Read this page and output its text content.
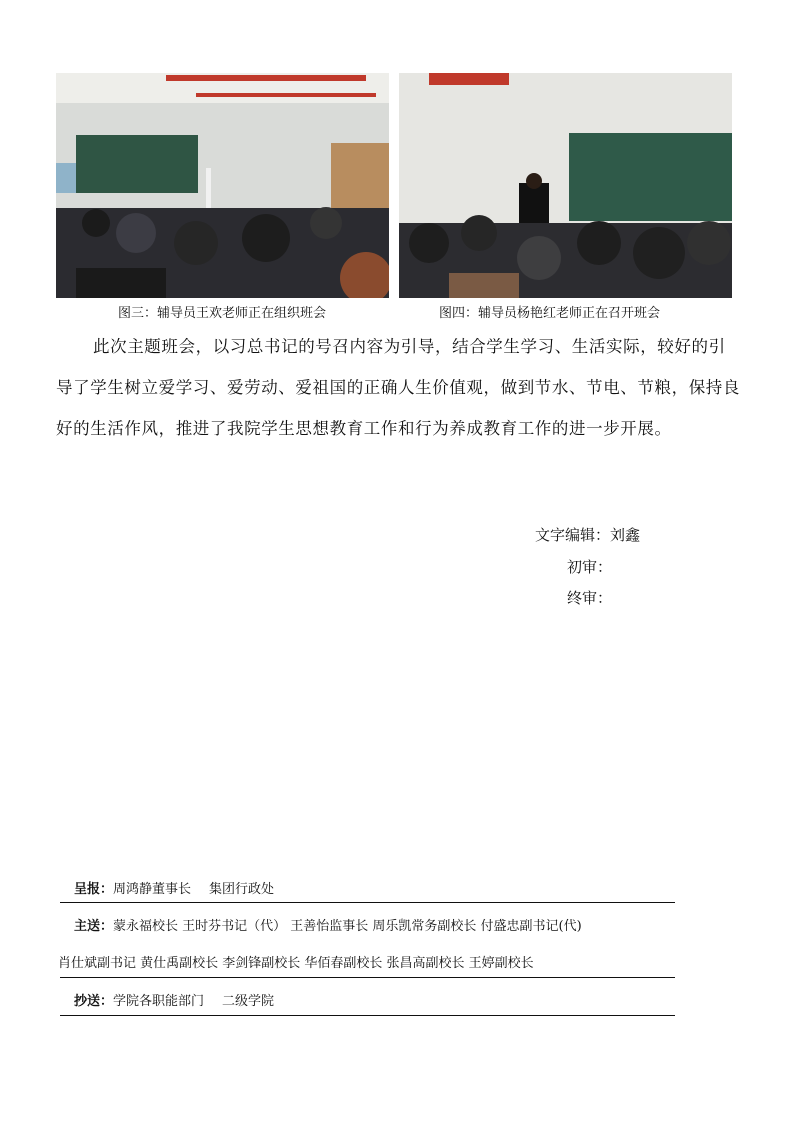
图三：辅导员王欢老师正在组织班会	图四：辅导员杨艳红老师正在召开班会

此次主题班会，以习总书记的号召内容为引导，结合学生学习、生活实际，较好的引导了学生树立爱学习、爱劳动、爱祖国的正确人生价值观，做到节水、节电、节粮，保持良好的生活作风，推进了我院学生思想教育工作和行为养成教育工作的进一步开展。

文字编辑：刘鑫
初审：
终审：
呈报：周鸿静董事长 集团行政处
主送：蒙永福校长 王时芬书记（代） 王善怡监事长 周乐凯常务副校长 付盛忠副书记(代)
肖仕斌副书记 黄仕禹副校长 李剑锋副校长 华佰春副校长 张昌高副校长 王婷副校长
抄送：学院各职能部门 二级学院
